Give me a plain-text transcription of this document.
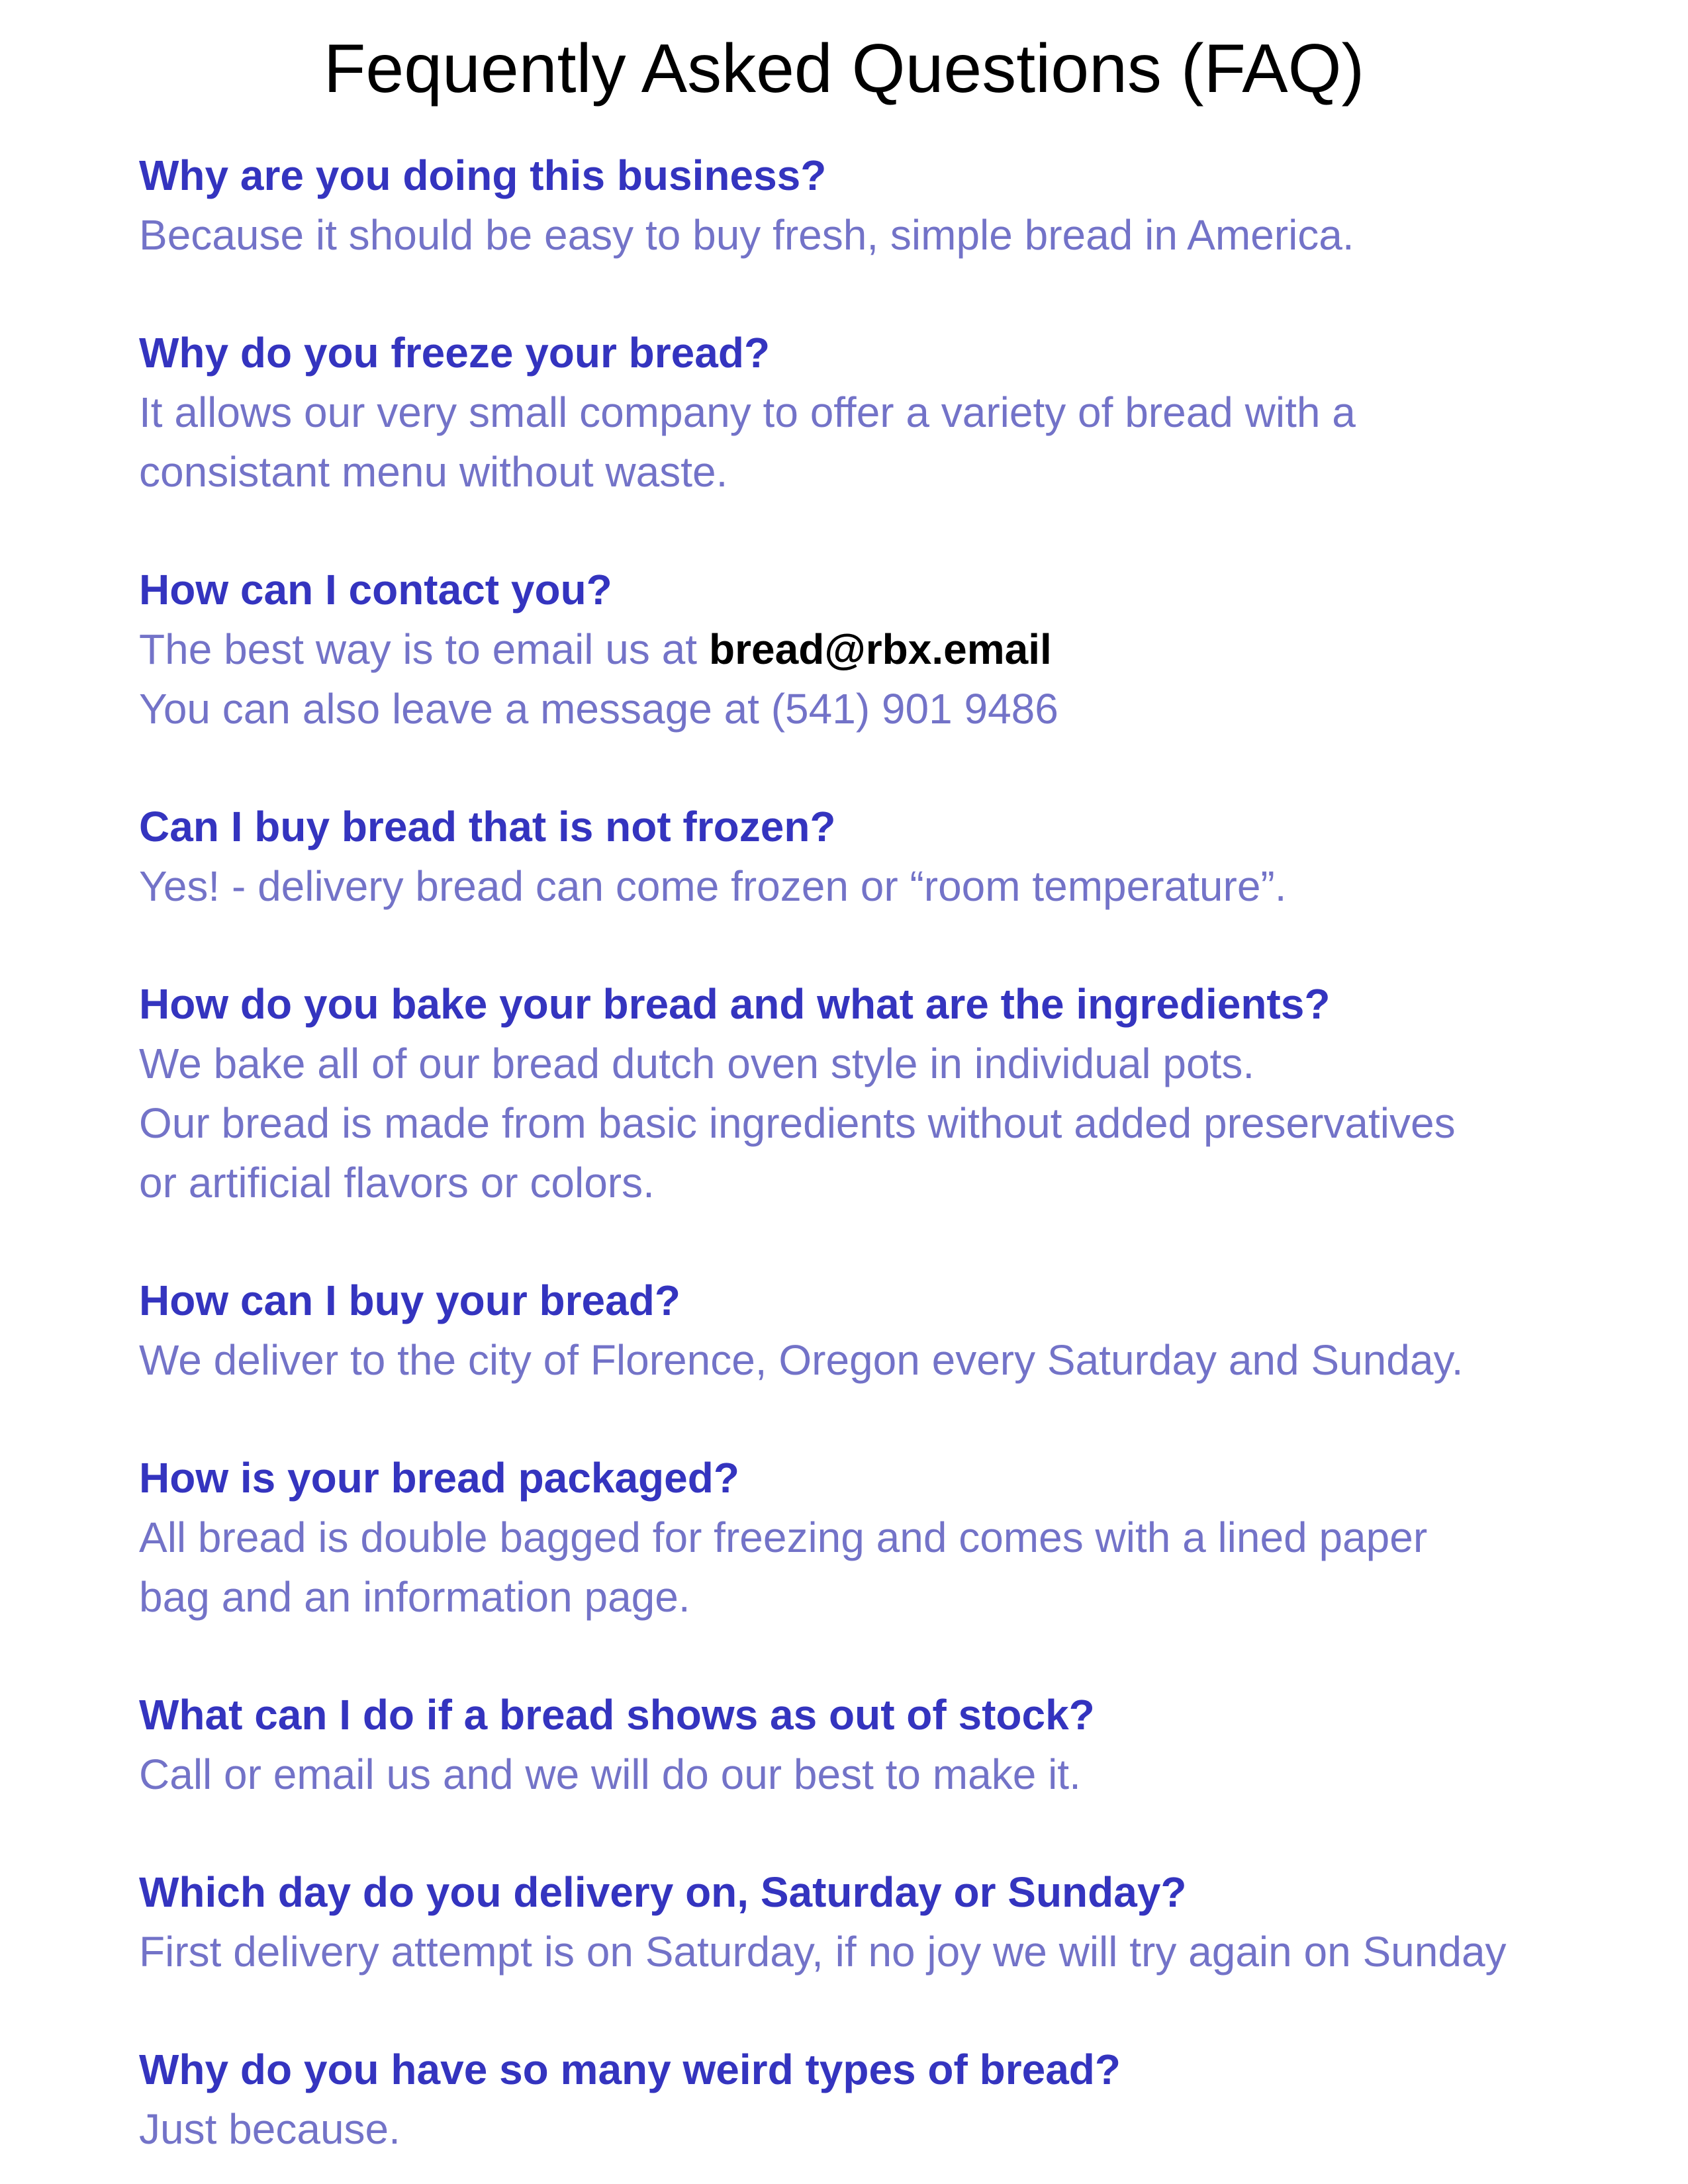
Fequently Asked Questions (FAQ)

Why are you doing this business?

Because it should be easy to buy fresh, simple bread in America.

Why do you freeze your bread?

It allows our very small company to offer a variety of bread with a

consistant menu without waste.

How can I contact you?

The best way is to email us at bread@rbx.email

You can also leave a message at (541) 901 9486

Can I buy bread that is not frozen?

Yes! - delivery bread can come frozen or “room temperature”.

How do you bake your bread and what are the ingredients?

We bake all of our bread dutch oven style in individual pots.

Our bread is made from basic ingredients without added preservatives

or artificial flavors or colors.

How can I buy your bread?

We deliver to the city of Florence, Oregon every Saturday and Sunday.

How is your bread packaged?

All bread is double bagged for freezing and comes with a lined paper

bag and an information page.

What can I do if a bread shows as out of stock?

Call or email us and we will do our best to make it.

Which day do you delivery on, Saturday or Sunday?

First delivery attempt is on Saturday, if no joy we will try again on Sunday

Why do you have so many weird types of bread?

Just because.
